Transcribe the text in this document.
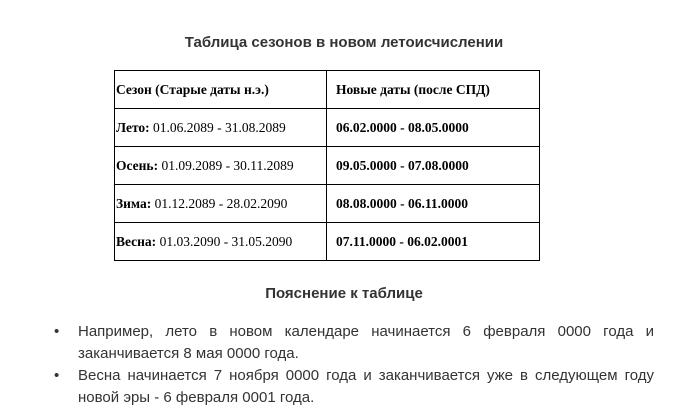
Таблица сезонов в новом летоисчислении
Сезон (Старые даты н.э.)	Новые даты (после СПД)
Лето: 01.06.2089 - 31.08.2089	06.02.0000 - 08.05.0000
Осень: 01.09.2089 - 30.11.2089	09.05.0000 - 07.08.0000
Зима: 01.12.2089 - 28.02.2090	08.08.0000 - 06.11.0000
Весна: 01.03.2090 - 31.05.2090	07.11.0000 - 06.02.0001
Пояснение к таблице
• Например, лето в новом календаре начинается 6 февраля 0000 года и заканчивается 8 мая 0000 года.
• Весна начинается 7 ноября 0000 года и заканчивается уже в следующем году новой эры - 6 февраля 0001 года.
